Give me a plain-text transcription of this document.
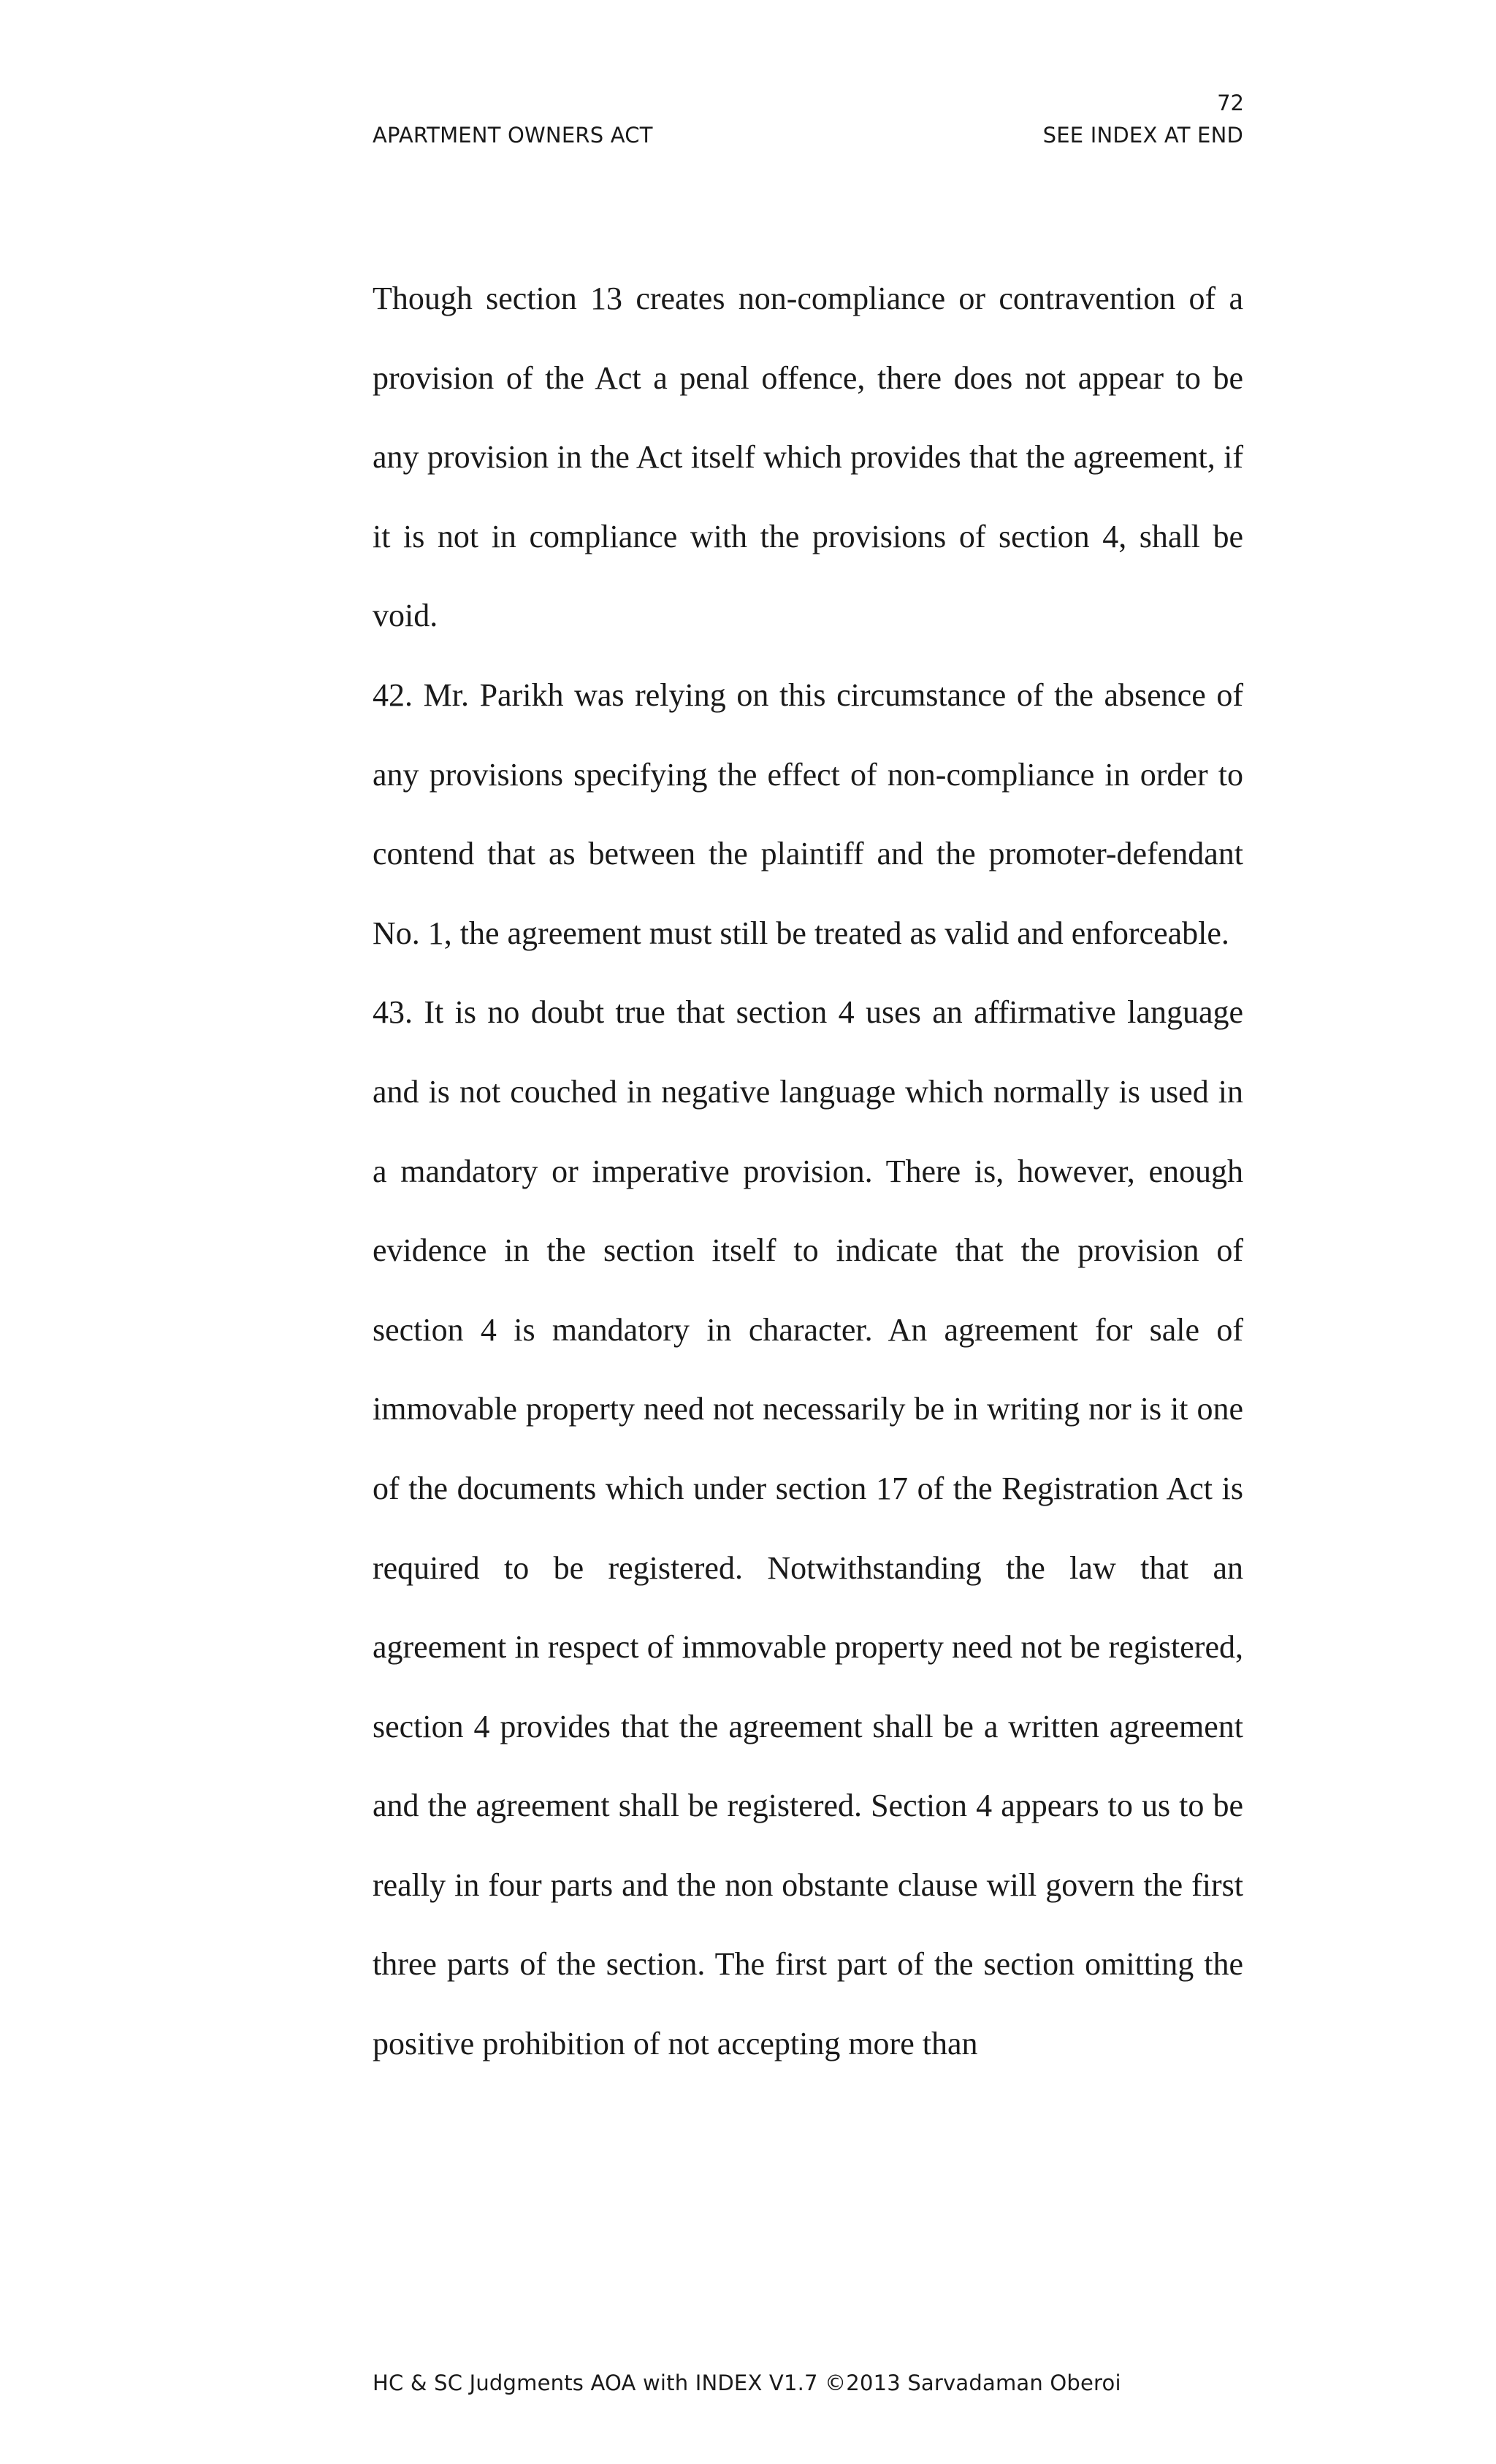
72
APARTMENT OWNERS ACT	SEE INDEX AT END

Though section 13 creates non-compliance or contravention of a provision of the Act a penal offence, there does not appear to be any provision in the Act itself which provides that the agreement, if it is not in compliance with the provisions of section 4, shall be void.

42. Mr. Parikh was relying on this circumstance of the absence of any provisions specifying the effect of non-compliance in order to contend that as between the plaintiff and the promoter-defendant No. 1, the agreement must still be treated as valid and enforceable.

43. It is no doubt true that section 4 uses an affirmative language and is not couched in negative language which normally is used in a mandatory or imperative provision. There is, however, enough evidence in the section itself to indicate that the provision of section 4 is mandatory in character. An agreement for sale of immovable property need not necessarily be in writing nor is it one of the documents which under section 17 of the Registration Act is required to be registered. Notwithstanding the law that an agreement in respect of immovable property need not be registered, section 4 provides that the agreement shall be a written agreement and the agreement shall be registered. Section 4 appears to us to be really in four parts and the non obstante clause will govern the first three parts of the section. The first part of the section omitting the positive prohibition of not accepting more than

HC & SC Judgments AOA with INDEX V1.7 ©2013 Sarvadaman Oberoi
